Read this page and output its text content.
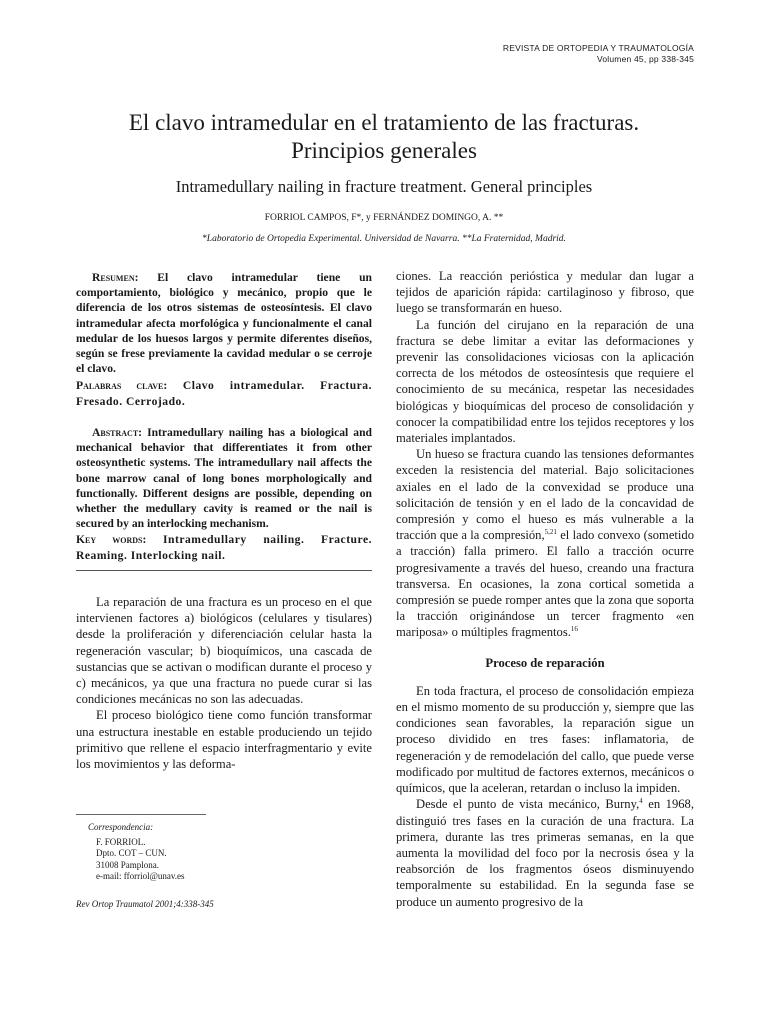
REVISTA DE ORTOPEDIA Y TRAUMATOLOGÍA
Volumen 45, pp 338-345
El clavo intramedular en el tratamiento de las fracturas.
Principios generales
Intramedullary nailing in fracture treatment. General principles
FORRIOL CAMPOS, F*, y FERNÁNDEZ DOMINGO, A. **
*Laboratorio de Ortopedia Experimental. Universidad de Navarra. **La Fraternidad, Madrid.

Resumen: El clavo intramedular tiene un comportamiento, biológico y mecánico, propio que le diferencia de los otros sistemas de osteosíntesis. El clavo intramedular afecta morfológica y funcionalmente el canal medular de los huesos largos y permite diferentes diseños, según se frese previamente la cavidad medular o se cerroje el clavo.

Palabras clave: Clavo intramedular. Fractura. Fresado. Cerrojado.

Abstract: Intramedullary nailing has a biological and mechanical behavior that differentiates it from other osteosynthetic systems. The intramedullary nail affects the bone marrow canal of long bones morphologically and functionally. Different designs are possible, depending on whether the medullary cavity is reamed or the nail is secured by an interlocking mechanism.

Key words: Intramedullary nailing. Fracture. Reaming. Interlocking nail.

La reparación de una fractura es un proceso en el que intervienen factores a) biológicos (celulares y tisulares) desde la proliferación y diferenciación celular hasta la regeneración vascular; b) bioquímicos, una cascada de sustancias que se activan o modifican durante el proceso y c) mecánicos, ya que una fractura no puede curar si las condiciones mecánicas no son las adecuadas.

El proceso biológico tiene como función transformar una estructura inestable en estable produciendo un tejido primitivo que rellene el espacio interfragmentario y evite los movimientos y las deforma-

ciones. La reacción perióstica y medular dan lugar a tejidos de aparición rápida: cartilaginoso y fibroso, que luego se transformarán en hueso.

La función del cirujano en la reparación de una fractura se debe limitar a evitar las deformaciones y prevenir las consolidaciones viciosas con la aplicación correcta de los métodos de osteosíntesis que requiere el conocimiento de su mecánica, respetar las necesidades biológicas y bioquímicas del proceso de consolidación y conocer la compatibilidad entre los tejidos receptores y los materiales implantados.

Un hueso se fractura cuando las tensiones deformantes exceden la resistencia del material. Bajo solicitaciones axiales en el lado de la convexidad se produce una solicitación de tensión y en el lado de la concavidad de compresión y como el hueso es más vulnerable a la tracción que a la compresión,$^{5,21}$ el lado convexo (sometido a tracción) falla primero. El fallo a tracción ocurre progresivamente a través del hueso, creando una fractura transversa. En ocasiones, la zona cortical sometida a compresión se puede romper antes que la zona que soporta la tracción originándose un tercer fragmento «en mariposa» o múltiples fragmentos.$^{16}$

Proceso de reparación

En toda fractura, el proceso de consolidación empieza en el mismo momento de su producción y, siempre que las condiciones sean favorables, la reparación sigue un proceso dividido en tres fases: inflamatoria, de regeneración y de remodelación del callo, que puede verse modificado por multitud de factores externos, mecánicos o químicos, que la aceleran, retardan o incluso la impiden.

Desde el punto de vista mecánico, Burny,$^4$ en 1968, distinguió tres fases en la curación de una fractura. La primera, durante las tres primeras semanas, en la que aumenta la movilidad del foco por la necrosis ósea y la reabsorción de los fragmentos óseos disminuyendo temporalmente su estabilidad. En la segunda fase se produce un aumento progresivo de la

Correspondencia:
F. FORRIOL.
Dpto. COT – CUN.
31008 Pamplona.
e-mail: fforriol@unav.es
Rev Ortop Traumatol 2001;4:338-345
